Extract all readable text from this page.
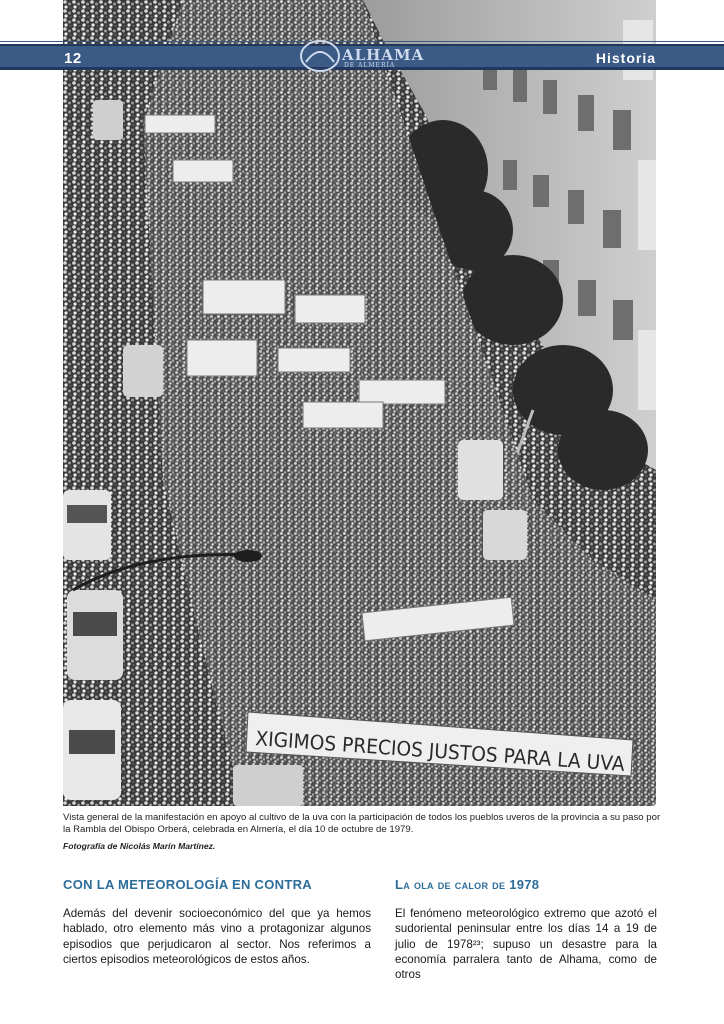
XIGIMOS PRECIOS JUSTOS PARA LA UVA
12	Historia
ALHAMA
DE ALMERÍA
Vista general de la manifestación en apoyo al cultivo de la uva con la participación de todos los pueblos uveros de la provincia a su paso por la Rambla del Obispo Orberá, celebrada en Almería, el día 10 de octubre de 1979.
Fotografía de Nicolás Marín Martínez.
CON LA METEOROLOGÍA EN CONTRA
Además del devenir socioeconómico del que ya hemos hablado, otro elemento más vino a protagonizar algunos episodios que perjudicaron al sector. Nos referimos a ciertos episodios meteorológicos de estos años.
La ola de calor de 1978
El fenómeno meteorológico extremo que azotó el sudoriental peninsular entre los días 14 a 19 de julio de 1978²³; supuso un desastre para la economía parralera tanto de Alhama, como de otros
